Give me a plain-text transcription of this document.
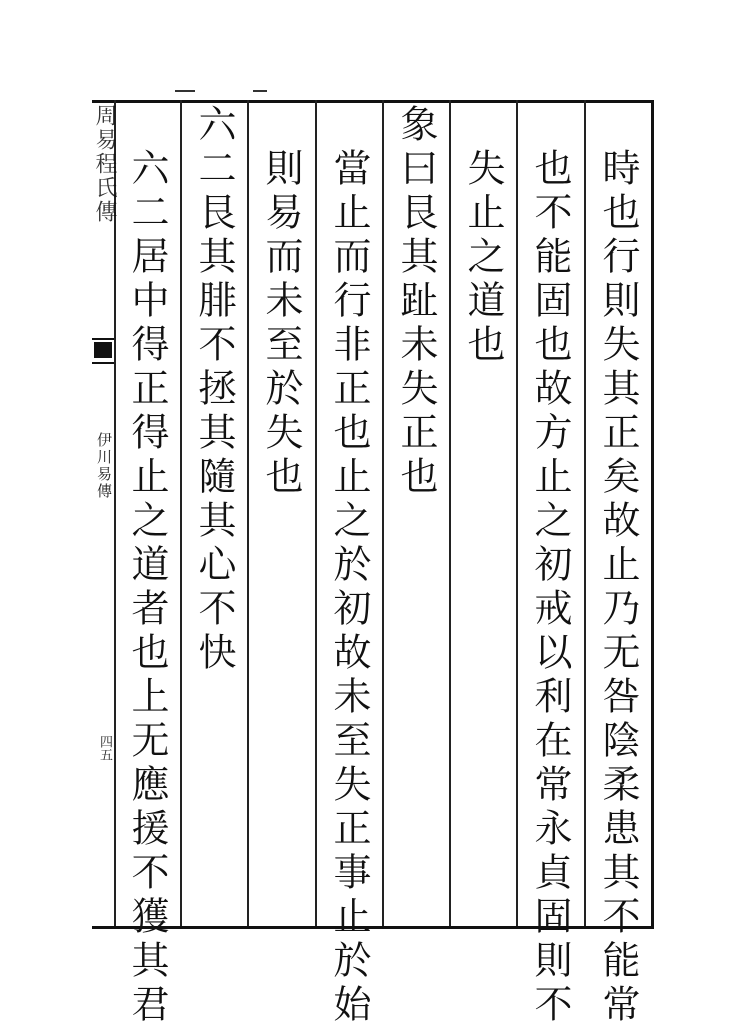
周易程氏傳
伊川易傳
四五	時也行則失其正矣故止乃无咎陰柔患其不能常
也不能固也故方止之初戒以利在常永貞固則不
失止之道也
象曰艮其趾未失正也
當止而行非正也止之於初故未至失正事止於始
則易而未至於失也
六二艮其腓不拯其隨其心不快
六二居中得正得止之道者也上无應援不獲其君
